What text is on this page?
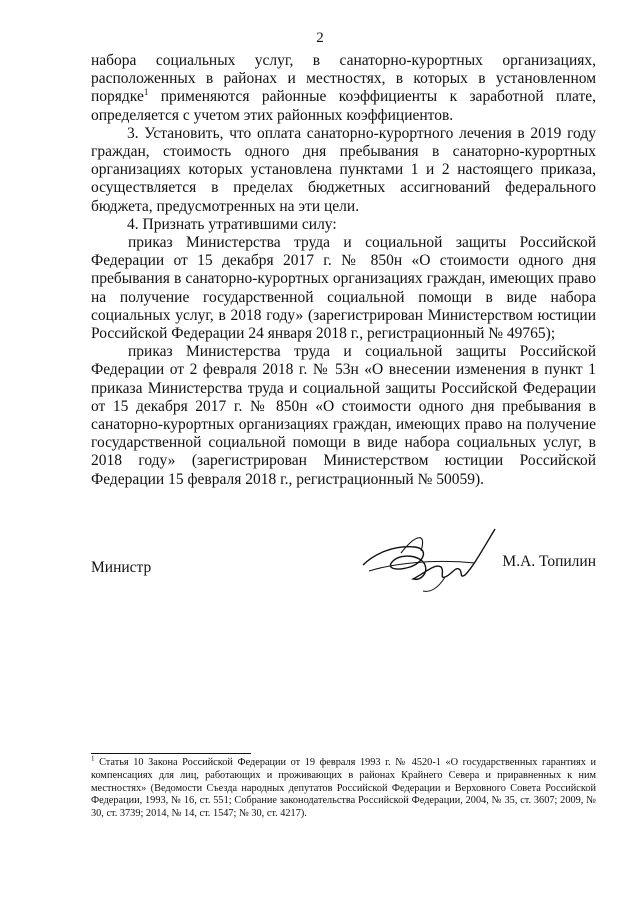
2

набора социальных услуг, в санаторно-курортных организациях, расположенных в районах и местностях, в которых в установленном порядке$^1$ применяются районные коэффициенты к заработной плате, определяется с учетом этих районных коэффициентов.

3. Установить, что оплата санаторно-курортного лечения в 2019 году граждан, стоимость одного дня пребывания в санаторно-курортных организациях которых установлена пунктами 1 и 2 настоящего приказа, осуществляется в пределах бюджетных ассигнований федерального бюджета, предусмотренных на эти цели.

4. Признать утратившими силу:

приказ Министерства труда и социальной защиты Российской Федерации от 15 декабря 2017 г. № 850н «О стоимости одного дня пребывания в санаторно-курортных организациях граждан, имеющих право на получение государственной социальной помощи в виде набора социальных услуг, в 2018 году» (зарегистрирован Министерством юстиции Российской Федерации 24 января 2018 г., регистрационный № 49765);

приказ Министерства труда и социальной защиты Российской Федерации от 2 февраля 2018 г. № 53н «О внесении изменения в пункт 1 приказа Министерства труда и социальной защиты Российской Федерации от 15 декабря 2017 г. № 850н «О стоимости одного дня пребывания в санаторно-курортных организациях граждан, имеющих право на получение государственной социальной помощи в виде набора социальных услуг, в 2018 году» (зарегистрирован Министерством юстиции Российской Федерации 15 февраля 2018 г., регистрационный № 50059).

Министр	М.А. Топилин
$^1$ Статья 10 Закона Российской Федерации от 19 февраля 1993 г. № 4520-1 «О государственных гарантиях и компенсациях для лиц, работающих и проживающих в районах Крайнего Севера и приравненных к ним местностях» (Ведомости Съезда народных депутатов Российской Федерации и Верховного Совета Российской Федерации, 1993, № 16, ст. 551; Собрание законодательства Российской Федерации, 2004, № 35, ст. 3607; 2009, № 30, ст. 3739; 2014, № 14, ст. 1547; № 30, ст. 4217).
